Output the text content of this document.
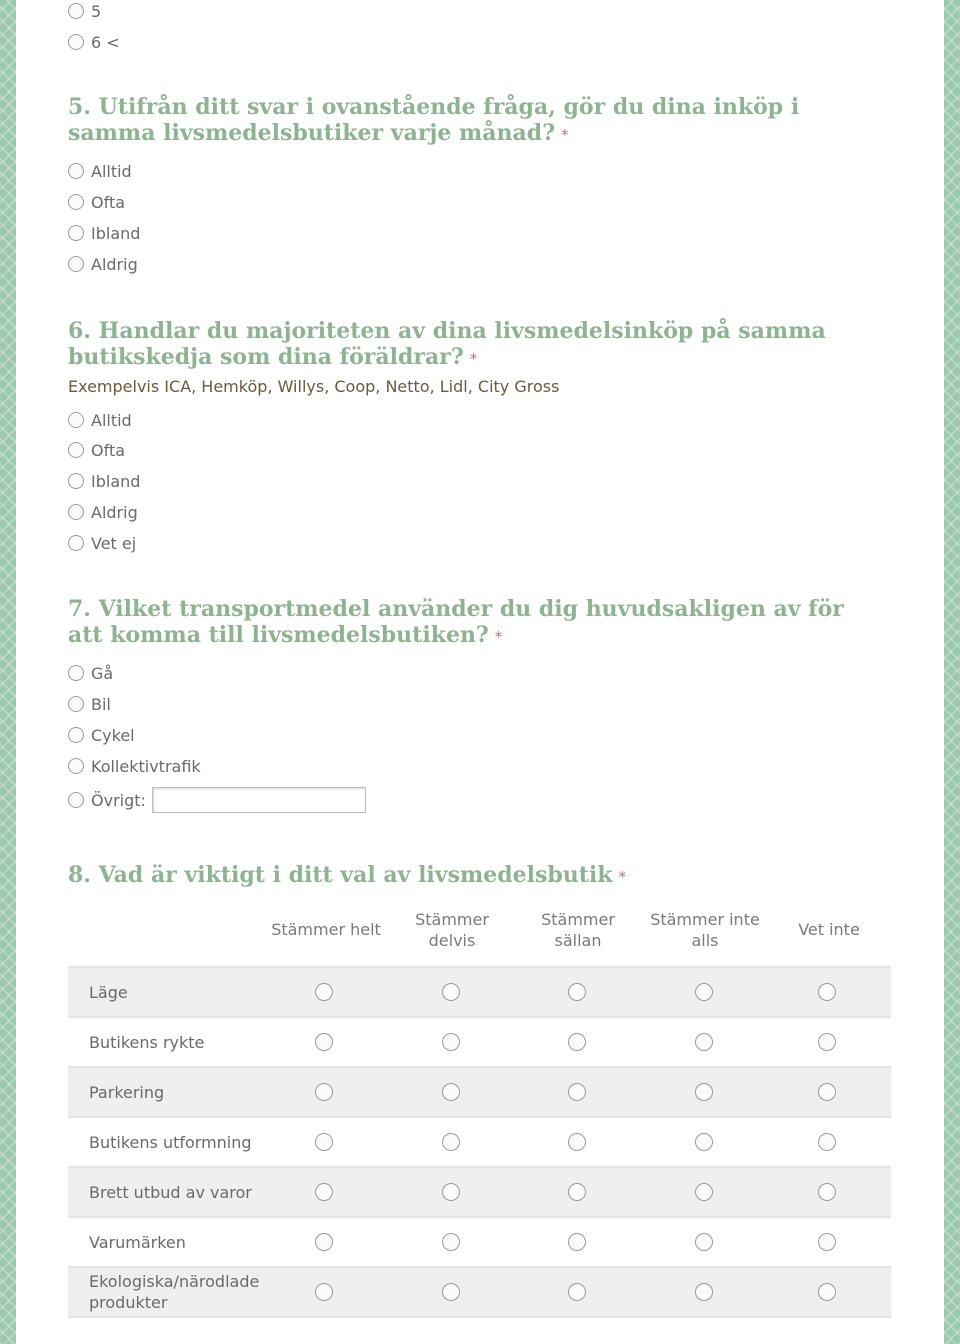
5
6 <
5. Utifrån ditt svar i ovanstående fråga, gör du dina inköp i samma livsmedelsbutiker varje månad? *
Alltid
Ofta
Ibland
Aldrig
6. Handlar du majoriteten av dina livsmedelsinköp på samma butikskedja som dina föräldrar? *
Exempelvis ICA, Hemköp, Willys, Coop, Netto, Lidl, City Gross
Alltid
Ofta
Ibland
Aldrig
Vet ej
7. Vilket transportmedel använder du dig huvudsakligen av för att komma till livsmedelsbutiken? *
Gå
Bil
Cykel
Kollektivtrafik
Övrigt:
8. Vad är viktigt i ditt val av livsmedelsbutik *
Stämmer helt
Stämmer delvis
Stämmer sällan
Stämmer inte alls
Vet inte
Läge
Butikens rykte
Parkering
Butikens utformning
Brett utbud av varor
Varumärken
Ekologiska/närodlade produkter
